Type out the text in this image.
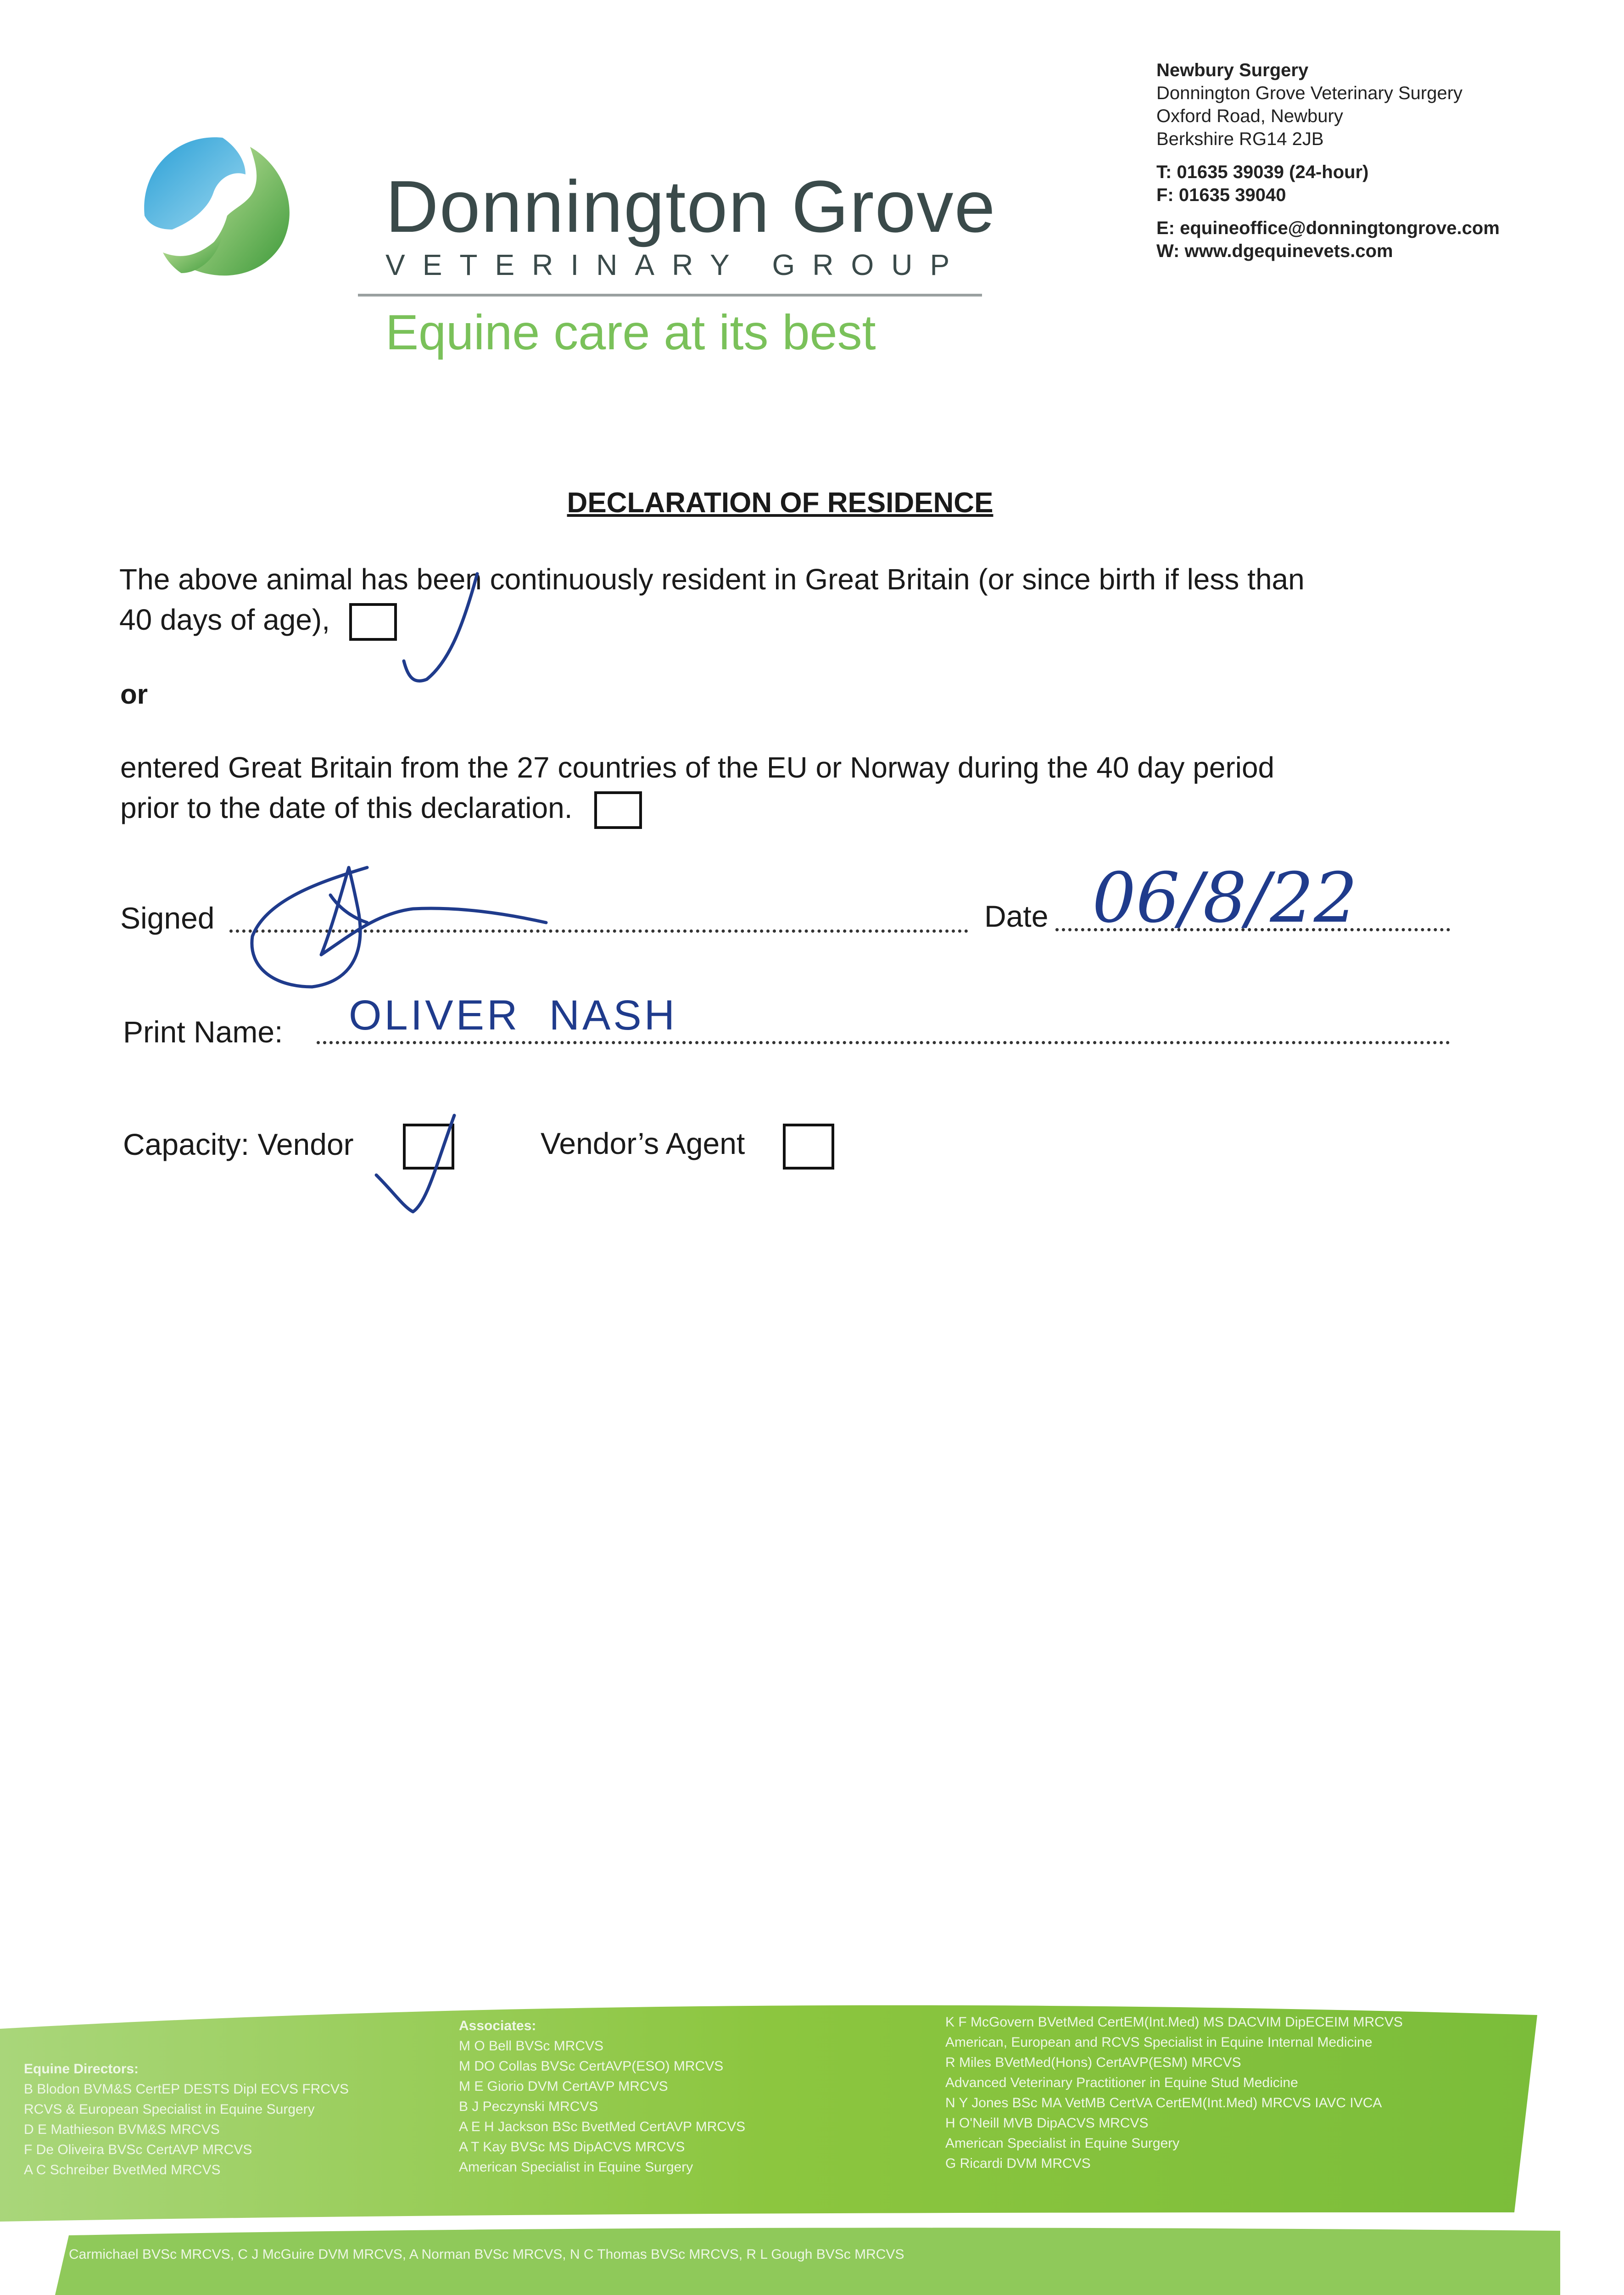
Donnington Grove
VETERINARY GROUP
Equine care at its best
Newbury Surgery
Donnington Grove Veterinary Surgery
Oxford Road, Newbury
Berkshire RG14 2JB
T: 01635 39039 (24-hour)
F: 01635 39040
E: equineoffice@donningtongrove.com
W: www.dgequinevets.com
DECLARATION OF RESIDENCE
The above animal has been continuously resident in Great Britain (or since birth if less than
40 days of age),
or
entered Great Britain from the 27 countries of the EU or Norway during the 40 day period
prior to the date of this declaration.
Signed	Date 06/8/22
Print Name: OLIVER  NASH
Capacity: Vendor	Vendor’s Agent
Equine Directors:
B Blodon BVM&S CertEP DESTS Dipl ECVS FRCVS
RCVS & European Specialist in Equine Surgery
D E Mathieson BVM&S MRCVS
F De Oliveira BVSc CertAVP MRCVS
A C Schreiber BvetMed MRCVS
Associates:
M O Bell BVSc MRCVS
M DO Collas BVSc CertAVP(ESO) MRCVS
M E Giorio DVM CertAVP MRCVS
B J Peczynski MRCVS
A E H Jackson BSc BvetMed CertAVP MRCVS
A T Kay BVSc MS DipACVS MRCVS
American Specialist in Equine Surgery
K F McGovern BVetMed CertEM(Int.Med) MS DACVIM DipECEIM MRCVS
American, European and RCVS Specialist in Equine Internal Medicine
R Miles BVetMed(Hons) CertAVP(ESM) MRCVS
Advanced Veterinary Practitioner in Equine Stud Medicine
N Y Jones BSc MA VetMB CertVA CertEM(Int.Med) MRCVS IAVC IVCA
H O'Neill MVB DipACVS MRCVS
American Specialist in Equine Surgery
G Ricardi DVM MRCVS
Carmichael BVSc MRCVS, C J McGuire DVM MRCVS, A Norman BVSc MRCVS, N C Thomas BVSc MRCVS, R L Gough BVSc MRCVS
